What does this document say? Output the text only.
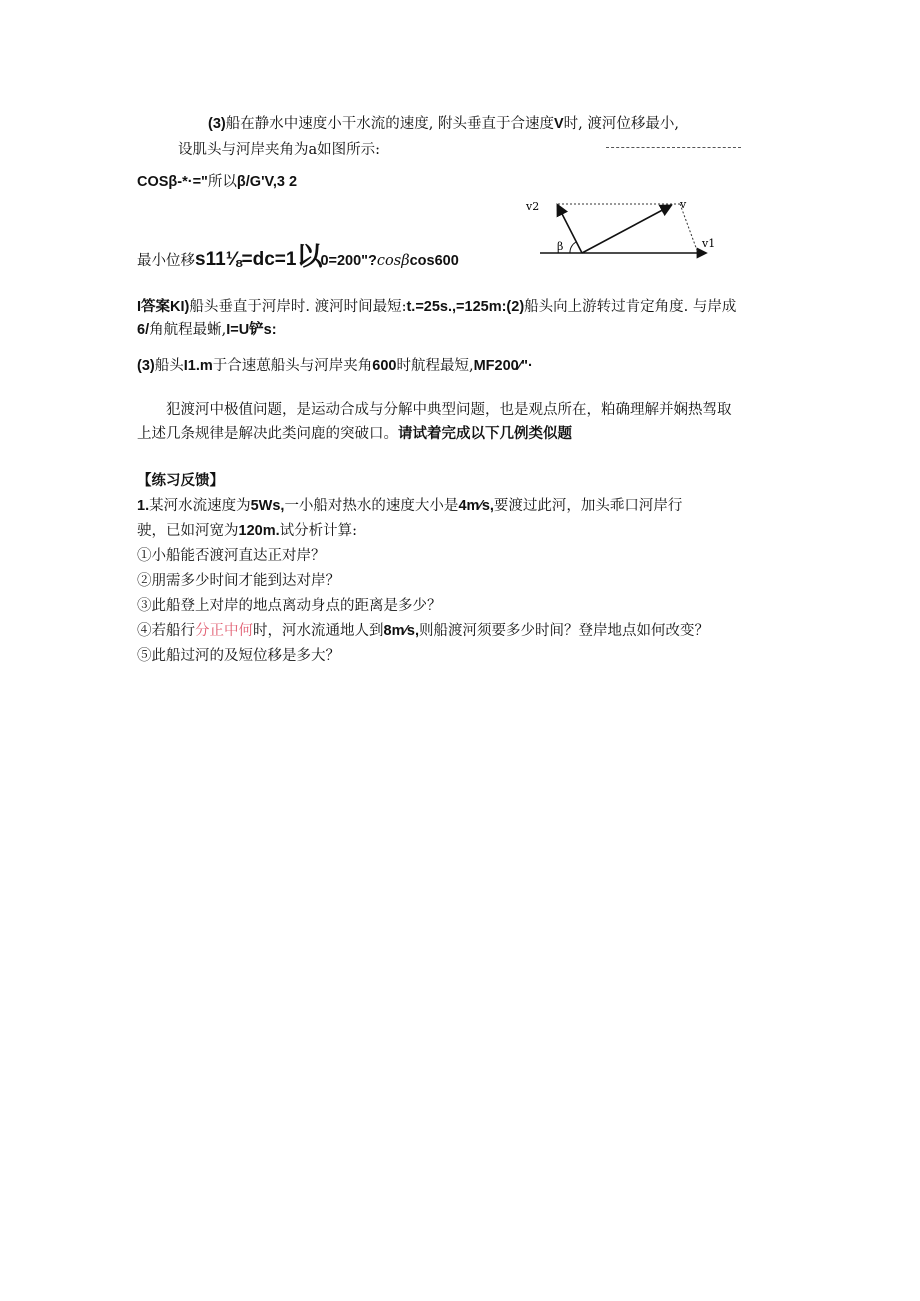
(3)船在静水中速度小干水流的速度, 附头垂直于合速度V时, 渡河位移最小,
设肌头与河岸夹角为a如图所示:
COSβ-*·="所以β/G'V,3 2
v2	v
v1
β
最小位移s11⅛=dc=1以0=200"?cosβcos600
I答案KI)船头垂直于河岸时. 渡河时间最短:t.=25s.,=125m:(2)船头向上游转过肯定角度. 与岸成
6/角航程最蜥,I=U铲s:
(3)船头I1.m于合速葸船头与河岸夹角600时航程最短,MF200⁄"·
犯渡河中极值问题，是运动合成与分解中典型问题，也是观点所在，粕确理解并娴热驾取
上述几条规律是解决此类问鹿的突破口。请试着完成以下几例类似题
【练习反馈】
1.某河水流速度为5Ws,一小船对热水的速度大小是4m∕s,要渡过此河，加头乖口河岸行
驶，已如河宽为120m.试分析计算:
①小船能否渡河直达正对岸？
②朋需多少时间才能到达对岸？
③此船登上对岸的地点离动身点的距离是多少？
④若船行分正中何时，河水流通地人到8m∕s,则船渡河须要多少时间？登岸地点如何改变？
⑤此船过河的及短位移是多大？
